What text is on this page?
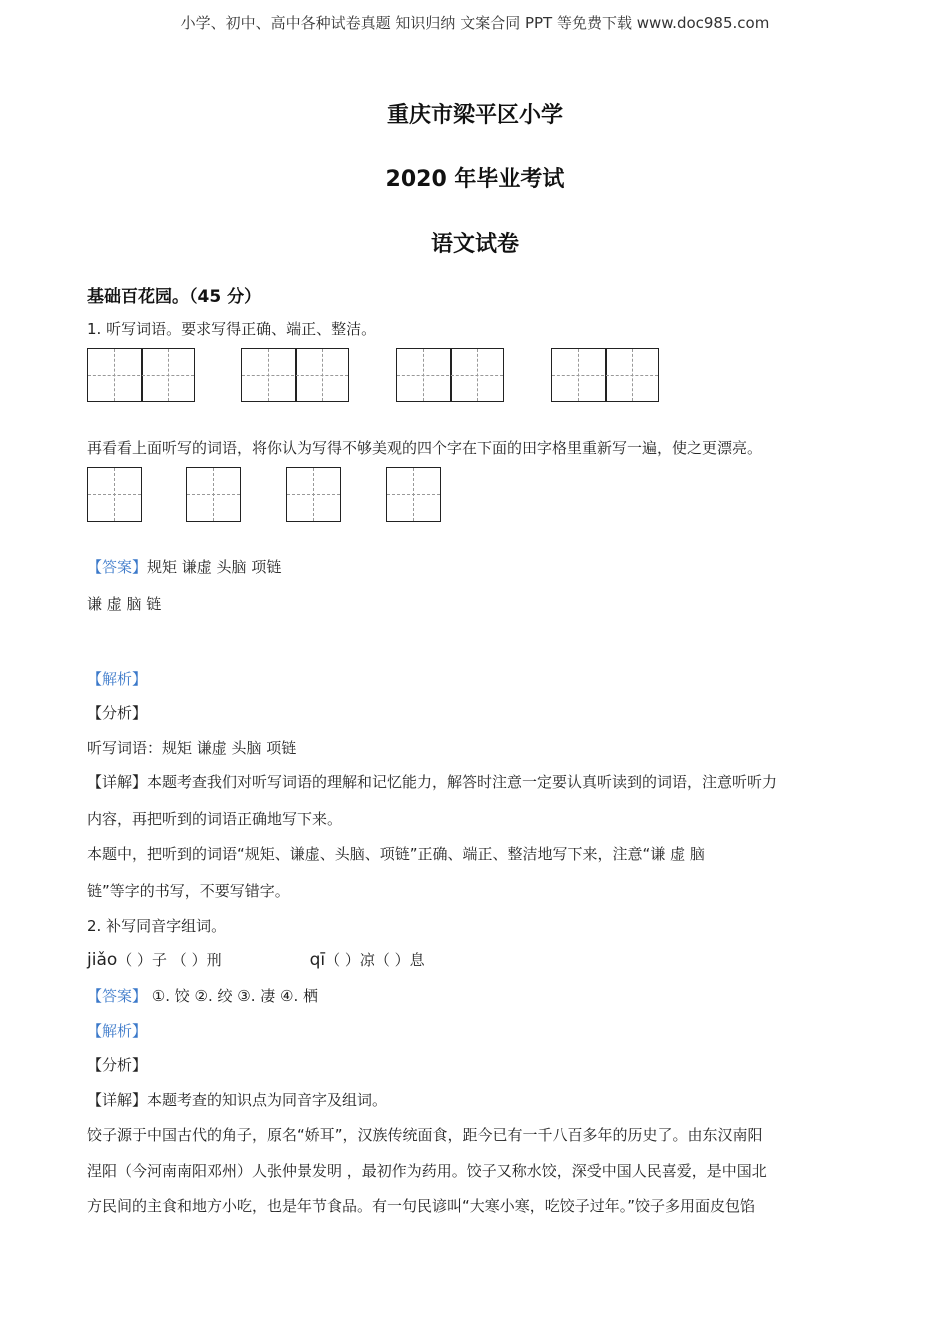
小学、初中、高中各种试卷真题 知识归纳 文案合同 PPT 等免费下载 www.doc985.com
重庆市梁平区小学
2020 年毕业考试
语文试卷
基础百花园。（45 分）
1. 听写词语。要求写得正确、端正、整洁。
再看看上面听写的词语，将你认为写得不够美观的四个字在下面的田字格里重新写一遍，使之更漂亮。
【答案】规矩 谦虚 头脑 项链
谦 虚 脑 链
【解析】
【分析】
听写词语：规矩 谦虚 头脑 项链
【详解】本题考查我们对听写词语的理解和记忆能力，解答时注意一定要认真听读到的词语，注意听听力
内容，再把听到的词语正确地写下来。
本题中，把听到的词语“规矩、谦虚、头脑、项链”正确、端正、整洁地写下来，注意“谦 虚 脑
链”等字的书写，不要写错字。
2. 补写同音字组词。
jiǎo（ ）子 （ ）刑	qī（ ）凉（ ）息
【答案】 ①. 饺 ②. 绞 ③. 凄 ④. 栖
【解析】
【分析】
【详解】本题考查的知识点为同音字及组词。
饺子源于中国古代的角子，原名“娇耳”，汉族传统面食，距今已有一千八百多年的历史了。由东汉南阳
涅阳（今河南南阳邓州）人张仲景发明 ，最初作为药用。饺子又称水饺，深受中国人民喜爱，是中国北
方民间的主食和地方小吃，也是年节食品。有一句民谚叫“大寒小寒，吃饺子过年。”饺子多用面皮包馅
